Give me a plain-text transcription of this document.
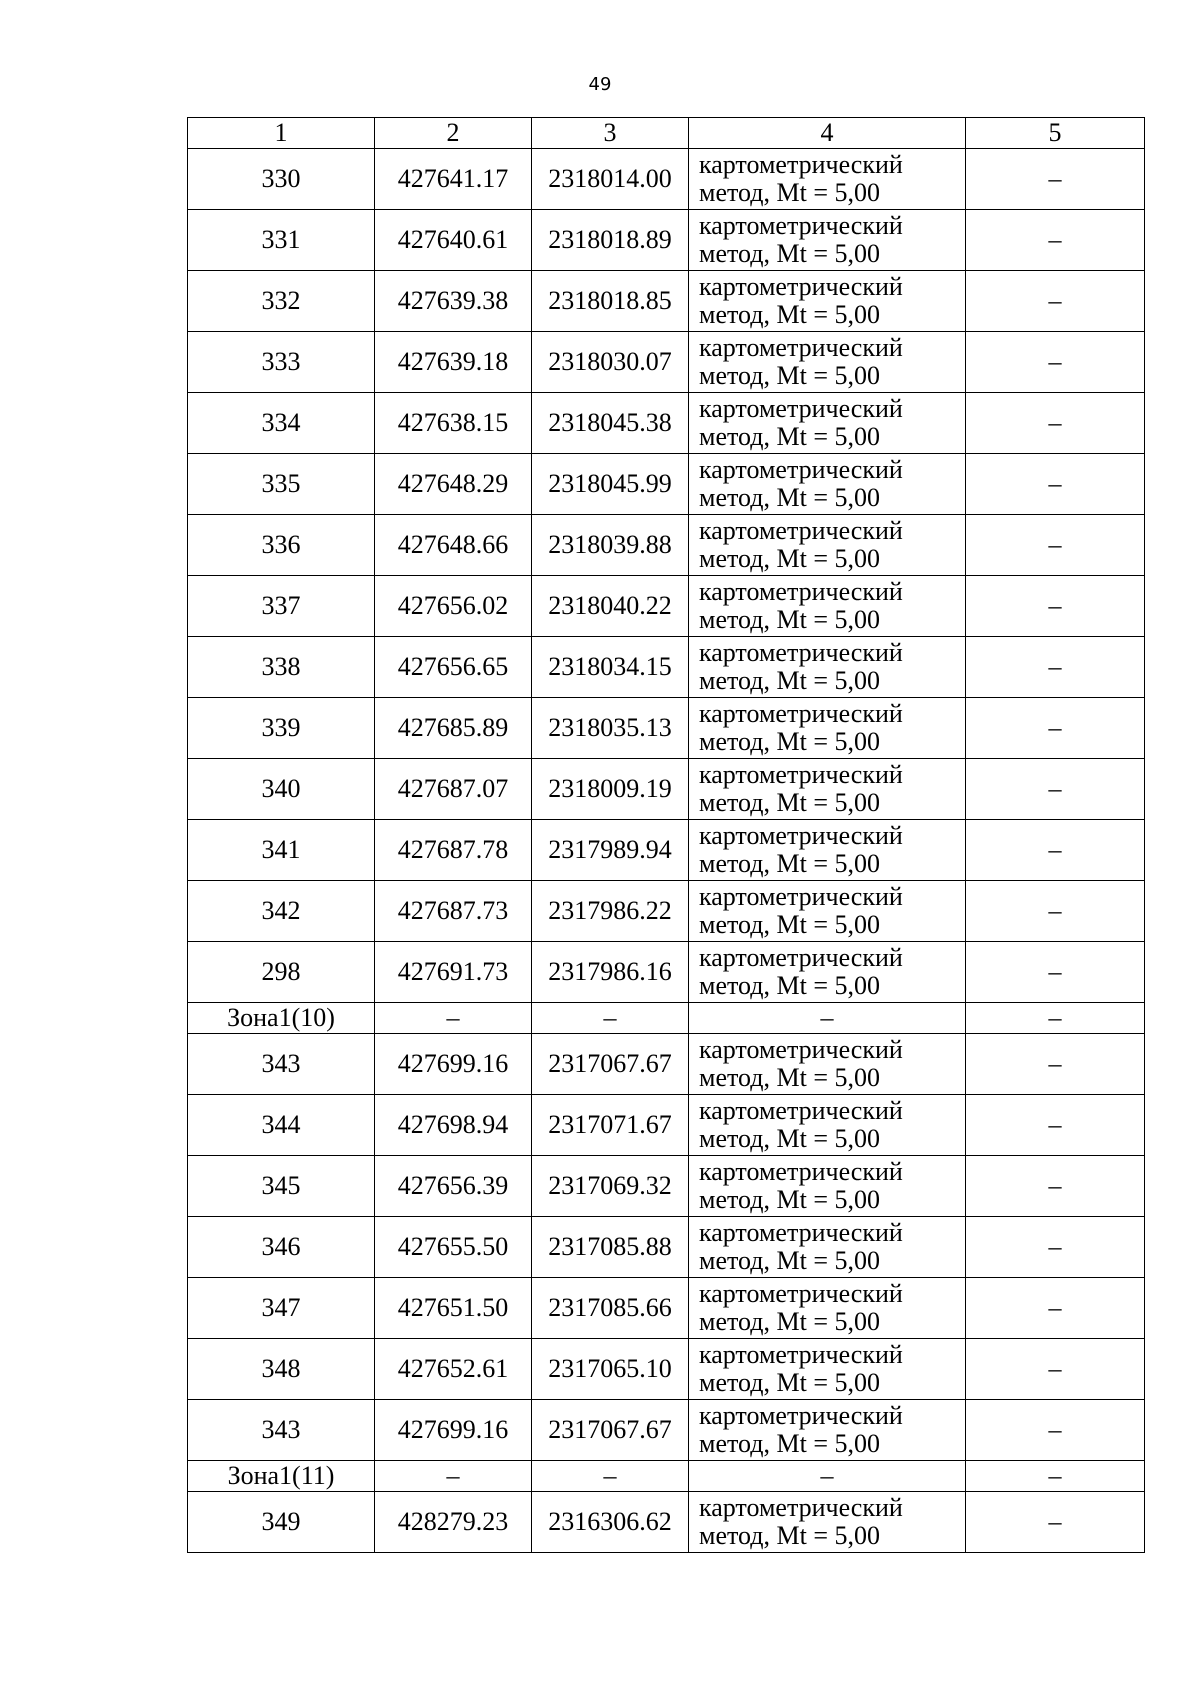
49
1	2	3	4	5
330	427641.17	2318014.00	картометрический
метод, Mt = 5,00	–
331	427640.61	2318018.89	картометрический
метод, Mt = 5,00	–
332	427639.38	2318018.85	картометрический
метод, Mt = 5,00	–
333	427639.18	2318030.07	картометрический
метод, Mt = 5,00	–
334	427638.15	2318045.38	картометрический
метод, Mt = 5,00	–
335	427648.29	2318045.99	картометрический
метод, Mt = 5,00	–
336	427648.66	2318039.88	картометрический
метод, Mt = 5,00	–
337	427656.02	2318040.22	картометрический
метод, Mt = 5,00	–
338	427656.65	2318034.15	картометрический
метод, Mt = 5,00	–
339	427685.89	2318035.13	картометрический
метод, Mt = 5,00	–
340	427687.07	2318009.19	картометрический
метод, Mt = 5,00	–
341	427687.78	2317989.94	картометрический
метод, Mt = 5,00	–
342	427687.73	2317986.22	картометрический
метод, Mt = 5,00	–
298	427691.73	2317986.16	картометрический
метод, Mt = 5,00	–
Зона1(10)	–	–	–	–
343	427699.16	2317067.67	картометрический
метод, Mt = 5,00	–
344	427698.94	2317071.67	картометрический
метод, Mt = 5,00	–
345	427656.39	2317069.32	картометрический
метод, Mt = 5,00	–
346	427655.50	2317085.88	картометрический
метод, Mt = 5,00	–
347	427651.50	2317085.66	картометрический
метод, Mt = 5,00	–
348	427652.61	2317065.10	картометрический
метод, Mt = 5,00	–
343	427699.16	2317067.67	картометрический
метод, Mt = 5,00	–
Зона1(11)	–	–	–	–
349	428279.23	2316306.62	картометрический
метод, Mt = 5,00	–
